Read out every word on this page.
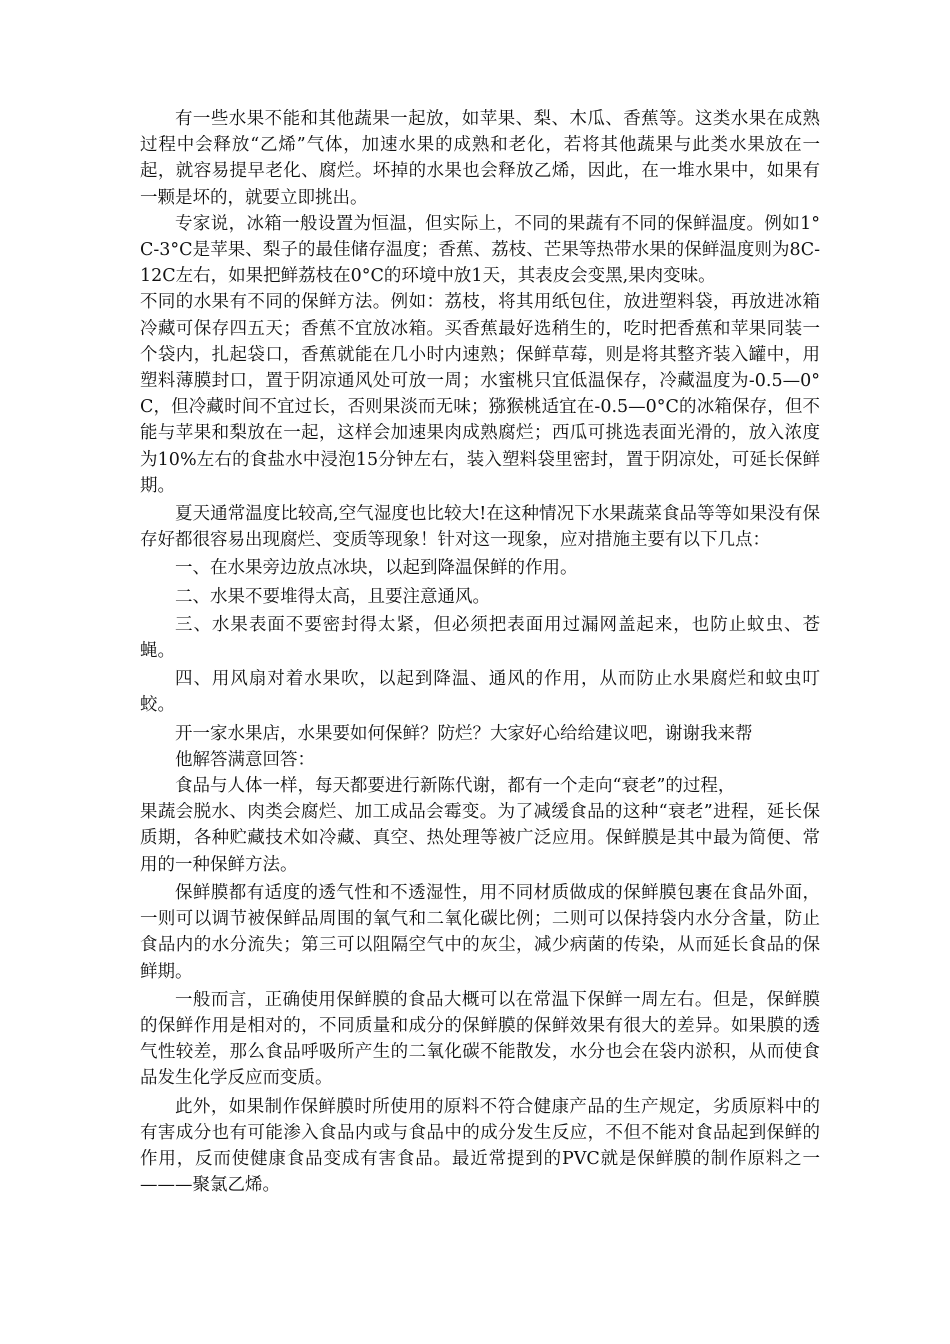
有一些水果不能和其他蔬果一起放，如苹果、梨、木瓜、香蕉等。这类水果在成熟过程中会释放“乙烯”气体，加速水果的成熟和老化，若将其他蔬果与此类水果放在一起，就容易提早老化、腐烂。坏掉的水果也会释放乙烯，因此，在一堆水果中，如果有一颗是坏的，就要立即挑出。

专家说，冰箱一般设置为恒温，但实际上，不同的果蔬有不同的保鲜温度。例如1°C-3°C是苹果、梨子的最佳储存温度；香蕉、荔枝、芒果等热带水果的保鲜温度则为8C-12C左右，如果把鲜荔枝在0°C的环境中放1天，其表皮会变黑,果肉变味。

不同的水果有不同的保鲜方法。例如：荔枝，将其用纸包住，放进塑料袋，再放进冰箱冷藏可保存四五天；香蕉不宜放冰箱。买香蕉最好选稍生的，吃时把香蕉和苹果同装一个袋内，扎起袋口，香蕉就能在几小时内速熟；保鲜草莓，则是将其整齐装入罐中，用塑料薄膜封口，置于阴凉通风处可放一周；水蜜桃只宜低温保存，冷藏温度为-0.5—0°C，但冷藏时间不宜过长，否则果淡而无味；猕猴桃适宜在-0.5—0°C的冰箱保存，但不能与苹果和梨放在一起，这样会加速果肉成熟腐烂；西瓜可挑选表面光滑的，放入浓度为10%左右的食盐水中浸泡15分钟左右，装入塑料袋里密封，置于阴凉处，可延长保鲜期。

夏天通常温度比较高,空气湿度也比较大!在这种情况下水果蔬菜食品等等如果没有保存好都很容易出现腐烂、变质等现象！针对这一现象，应对措施主要有以下几点：

一、在水果旁边放点冰块，以起到降温保鲜的作用。

二、水果不要堆得太高，且要注意通风。

三、水果表面不要密封得太紧，但必须把表面用过漏网盖起来，也防止蚊虫、苍蝇。

四、用风扇对着水果吹，以起到降温、通风的作用，从而防止水果腐烂和蚊虫叮蛟。

开一家水果店，水果要如何保鲜？防烂？大家好心给给建议吧，谢谢我来帮

他解答满意回答：

食品与人体一样，每天都要进行新陈代谢，都有一个走向“衰老”的过程，

果蔬会脱水、肉类会腐烂、加工成品会霉变。为了减缓食品的这种“衰老”进程，延长保质期，各种贮藏技术如冷藏、真空、热处理等被广泛应用。保鲜膜是其中最为简便、常用的一种保鲜方法。

保鲜膜都有适度的透气性和不透湿性，用不同材质做成的保鲜膜包裹在食品外面，一则可以调节被保鲜品周围的氧气和二氧化碳比例；二则可以保持袋内水分含量，防止食品内的水分流失；第三可以阻隔空气中的灰尘，减少病菌的传染，从而延长食品的保鲜期。

一般而言，正确使用保鲜膜的食品大概可以在常温下保鲜一周左右。但是，保鲜膜的保鲜作用是相对的，不同质量和成分的保鲜膜的保鲜效果有很大的差异。如果膜的透气性较差，那么食品呼吸所产生的二氧化碳不能散发，水分也会在袋内淤积，从而使食品发生化学反应而变质。

此外，如果制作保鲜膜时所使用的原料不符合健康产品的生产规定，劣质原料中的有害成分也有可能渗入食品内或与食品中的成分发生反应，不但不能对食品起到保鲜的作用，反而使健康食品变成有害食品。最近常提到的PVC就是保鲜膜的制作原料之一———聚氯乙烯。
